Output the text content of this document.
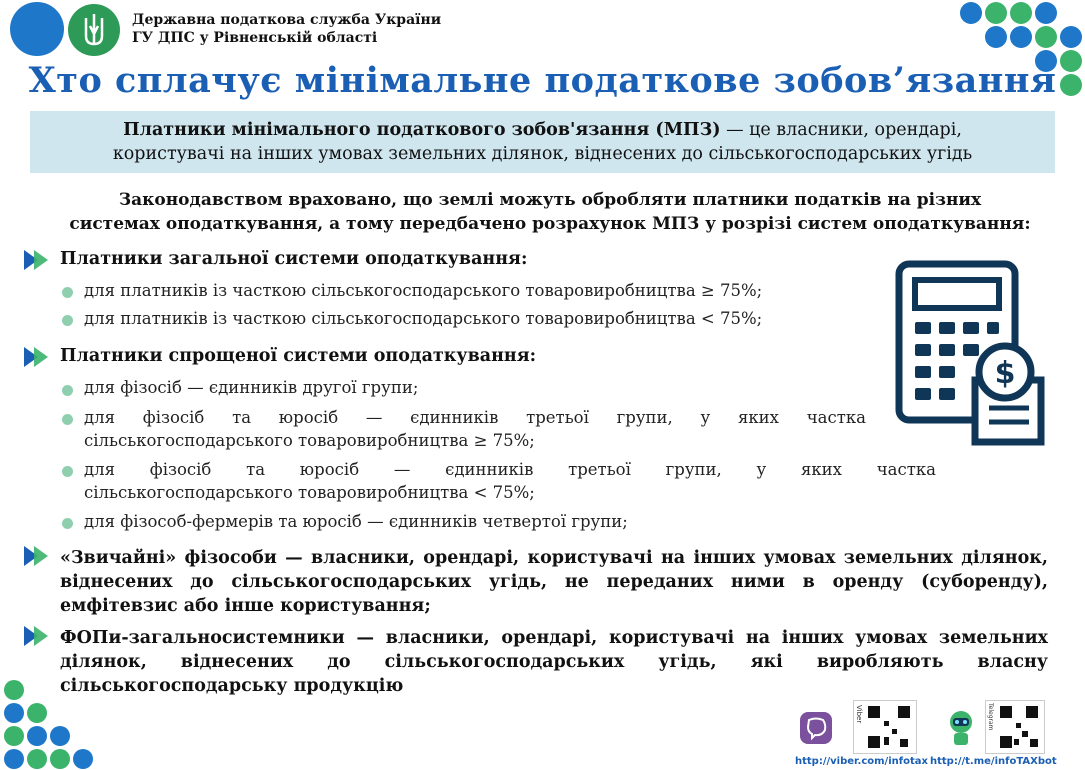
Державна податкова служба України
ГУ ДПС у Рівненській області
Хто сплачує мінімальне податкове зобов’язання
Платники мінімального податкового зобов'язання (МПЗ) — це власники, орендарі,
користувачі на інших умовах земельних ділянок, віднесених до сільськогосподарських угідь
Законодавством враховано, що землі можуть обробляти платники податків на різних
системах оподаткування, а тому передбачено розрахунок МПЗ у розрізі систем оподаткування:
Платники загальної системи оподаткування:
для платників із часткою сільськогосподарського товаровиробництва ≥ 75%;
для платників із часткою сільськогосподарського товаровиробництва < 75%;
Платники спрощеної системи оподаткування:
для фізосіб — єдинників другої групи;
для фізосіб та юросіб — єдинників третьої групи, у яких частка
сільськогосподарського товаровиробництва ≥ 75%;
для фізосіб та юросіб — єдинників третьої групи, у яких частка
сільськогосподарського товаровиробництва < 75%;
для фізособ-фермерів та юросіб — єдинників четвертої групи;
$
«Звичайні» фізособи — власники, орендарі, користувачі на інших умовах земельних ділянок, віднесених до сільськогосподарських угідь, не переданих ними в оренду (суборенду), емфітевзис або інше користування;
ФОПи-загальносистемники — власники, орендарі, користувачі на інших умовах земельних ділянок, віднесених до сільськогосподарських угідь, які виробляють власну сільськогосподарську продукцію
Viber
http://viber.com/infotax
Telegram
http://t.me/infoTAXbot
